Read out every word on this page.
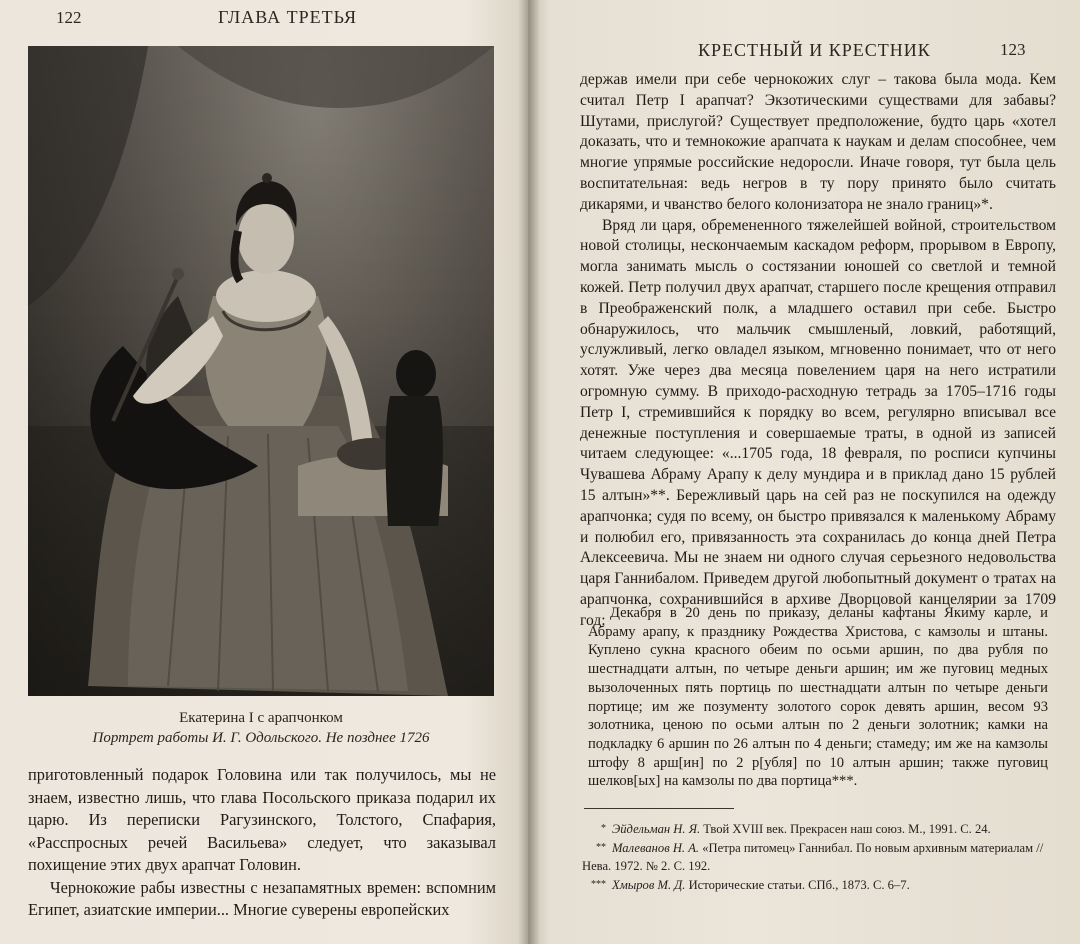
122	ГЛАВА ТРЕТЬЯ
Екатерина I с арапчонком
Портрет работы И. Г. Одольского. Не позднее 1726

приготовленный подарок Головина или так получилось, мы не знаем, известно лишь, что глава Посольского приказа подарил их царю. Из переписки Рагузинского, Толстого, Спафария, «Расспросных речей Васильева» следует, что заказывал похищение этих двух арапчат Головин.

Чернокожие рабы известны с незапамятных времен: вспомним Египет, азиатские империи... Многие суверены европейских

КРЕСТНЫЙ И КРЕСТНИК	123

держав имели при себе чернокожих слуг – такова была мода. Кем считал Петр I арапчат? Экзотическими существами для забавы? Шутами, прислугой? Существует предположение, будто царь «хотел доказать, что и темнокожие арапчата к наукам и делам способнее, чем многие упрямые российские недоросли. Иначе говоря, тут была цель воспитательная: ведь негров в ту пору принято было считать дикарями, и чванство белого колонизатора не знало границ»*.

Вряд ли царя, обремененного тяжелейшей войной, строительством новой столицы, нескончаемым каскадом реформ, прорывом в Европу, могла занимать мысль о состязании юношей со светлой и темной кожей. Петр получил двух арапчат, старшего после крещения отправил в Преображенский полк, а младшего оставил при себе. Быстро обнаружилось, что мальчик смышленый, ловкий, работящий, услужливый, легко овладел языком, мгновенно понимает, что от него хотят. Уже через два месяца повелением царя на него истратили огромную сумму. В приходо-расходную тетрадь за 1705–1716 годы Петр I, стремившийся к порядку во всем, регулярно вписывал все денежные поступления и совершаемые траты, в одной из записей читаем следующее: «...1705 года, 18 февраля, по росписи купчины Чувашева Абраму Арапу к делу мундира и в приклад дано 15 рублей 15 алтын»**. Бережливый царь на сей раз не поскупился на одежду арапчонка; судя по всему, он быстро привязался к маленькому Абраму и полюбил его, привязанность эта сохранилась до конца дней Петра Алексеевича. Мы не знаем ни одного случая серьезного недовольства царя Ганнибалом. Приведем другой любопытный документ о тратах на арапчонка, сохранившийся в архиве Дворцовой канцелярии за 1709 год: Декабря в 20 день по приказу, деланы кафтаны Якиму карле, и Абраму арапу, к празднику Рождества Христова, с камзолы и штаны. Куплено сукна красного обеим по осьми аршин, по два рубля по шестнадцати алтын, по четыре деньги аршин; им же пуговиц медных вызолоченных пять портиць по шестнадцати алтын по четыре деньги портице; им же позументу золотого сорок девять аршин, весом 93 золотника, ценою по осьми алтын по 2 деньги золотник; камки на подкладку 6 аршин по 26 алтын по 4 деньги; стамеду; им же на камзолы штофу 8 арш[ин] по 2 р[убля] по 10 алтын аршин; также пуговиц шелков[ых] на камзолы по два портица***.

* Эйдельман Н. Я. Твой XVIII век. Прекрасен наш союз. М., 1991. С. 24.

** Малеванов Н. А. «Петра питомец» Ганнибал. По новым архивным материалам // Нева. 1972. № 2. С. 192.

*** Хмыров М. Д. Исторические статьи. СПб., 1873. С. 6–7.
